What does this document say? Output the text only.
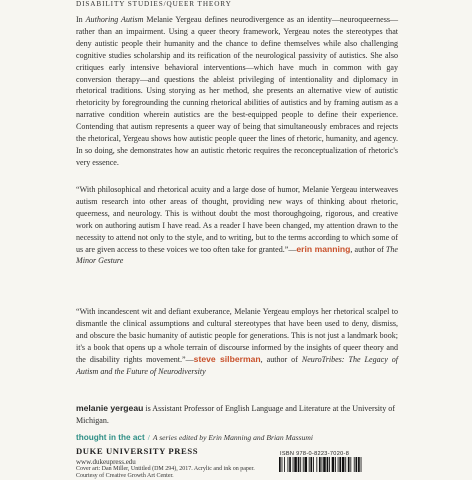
DISABILITY STUDIES/QUEER THEORY

In Authoring Autism Melanie Yergeau defines neurodivergence as an identity—neuroqueerness—rather than an impairment. Using a queer theory framework, Yergeau notes the stereotypes that deny autistic people their humanity and the chance to define themselves while also challenging cognitive studies scholarship and its reification of the neurological passivity of autistics. She also critiques early intensive behavioral interventions—which have much in common with gay conversion therapy—and questions the ableist privileging of intentionality and diplomacy in rhetorical traditions. Using storying as her method, she presents an alternative view of autistic rhetoricity by foregrounding the cunning rhetorical abilities of autistics and by framing autism as a narrative condition wherein autistics are the best-equipped people to define their experience. Contending that autism represents a queer way of being that simultaneously embraces and rejects the rhetorical, Yergeau shows how autistic people queer the lines of rhetoric, humanity, and agency. In so doing, she demonstrates how an autistic rhetoric requires the reconceptualization of rhetoric's very essence.

“With philosophical and rhetorical acuity and a large dose of humor, Melanie Yergeau interweaves autism research into other areas of thought, providing new ways of thinking about rhetoric, queerness, and neurology. This is without doubt the most thoroughgoing, rigorous, and creative work on authoring autism I have read. As a reader I have been changed, my attention drawn to the necessity to attend not only to the style, and to writing, but to the terms according to which some of us are given access to these voices we too often take for granted.”—erin manning, author of The Minor Gesture

“With incandescent wit and defiant exuberance, Melanie Yergeau employs her rhetorical scalpel to dismantle the clinical assumptions and cultural stereotypes that have been used to deny, dismiss, and obscure the basic humanity of autistic people for generations. This is not just a landmark book; it's a book that opens up a whole terrain of discourse informed by the insights of queer theory and the disability rights movement.”—steve silberman, author of NeuroTribes: The Legacy of Autism and the Future of Neurodiversity

melanie yergeau is Assistant Professor of English Language and Literature at the University of Michigan.

thought in the act / A series edited by Erin Manning and Brian Massumi
DUKE UNIVERSITY PRESS
www.dukeupress.edu
Cover art: Dan Miller, Untitled (DM 294), 2017. Acrylic and ink on paper. Courtesy of Creative Growth Art Center.
ISBN 978-0-8223-7020-8
